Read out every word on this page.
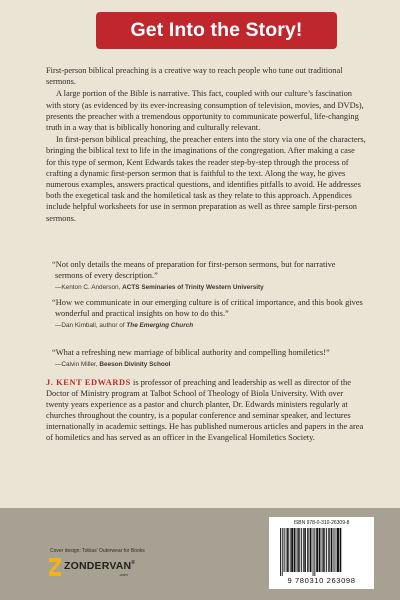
Get Into the Story!

First-person biblical preaching is a creative way to reach people who tune out traditional sermons.

A large portion of the Bible is narrative. This fact, coupled with our culture’s fascination with story (as evidenced by its ever-increasing consumption of television, movies, and DVDs), presents the preacher with a tremendous opportunity to communicate powerful, life-changing truth in a way that is biblically honoring and culturally relevant.

In first-person biblical preaching, the preacher enters into the story via one of the characters, bringing the biblical text to life in the imaginations of the congregation. After making a case for this type of sermon, Kent Edwards takes the reader step-by-step through the process of crafting a dynamic first-person sermon that is faithful to the text. Along the way, he gives numerous examples, answers practical questions, and identifies pitfalls to avoid. He addresses both the exegetical task and the homiletical task as they relate to this approach. Appendices include helpful worksheets for use in sermon preparation as well as three sample first-person sermons.

“Not only details the means of preparation for first-person sermons, but for narrative sermons of every description.”

—Kenton C. Anderson, ACTS Seminaries of Trinity Western University

“How we communicate in our emerging culture is of critical importance, and this book gives wonderful and practical insights on how to do this.”

—Dan Kimball, author of The Emerging Church

“What a refreshing new marriage of biblical authority and compelling homiletics!”

—Calvin Miller, Beeson Divinity School

J. KENT EDWARDS is professor of preaching and leadership as well as director of the Doctor of Ministry program at Talbot School of Theology of Biola University. With over twenty years experience as a pastor and church planter, Dr. Edwards ministers regularly at churches throughout the country, is a popular conference and seminar speaker, and lectures internationally in academic settings. He has published numerous articles and papers in the area of homiletics and has served as an officer in the Evangelical Homiletics Society.

Cover design: Tobias' Outerwear for Books
ZONDERVAN®
.com
ISBN 978-0-310-26309-8
9 780310 263098
